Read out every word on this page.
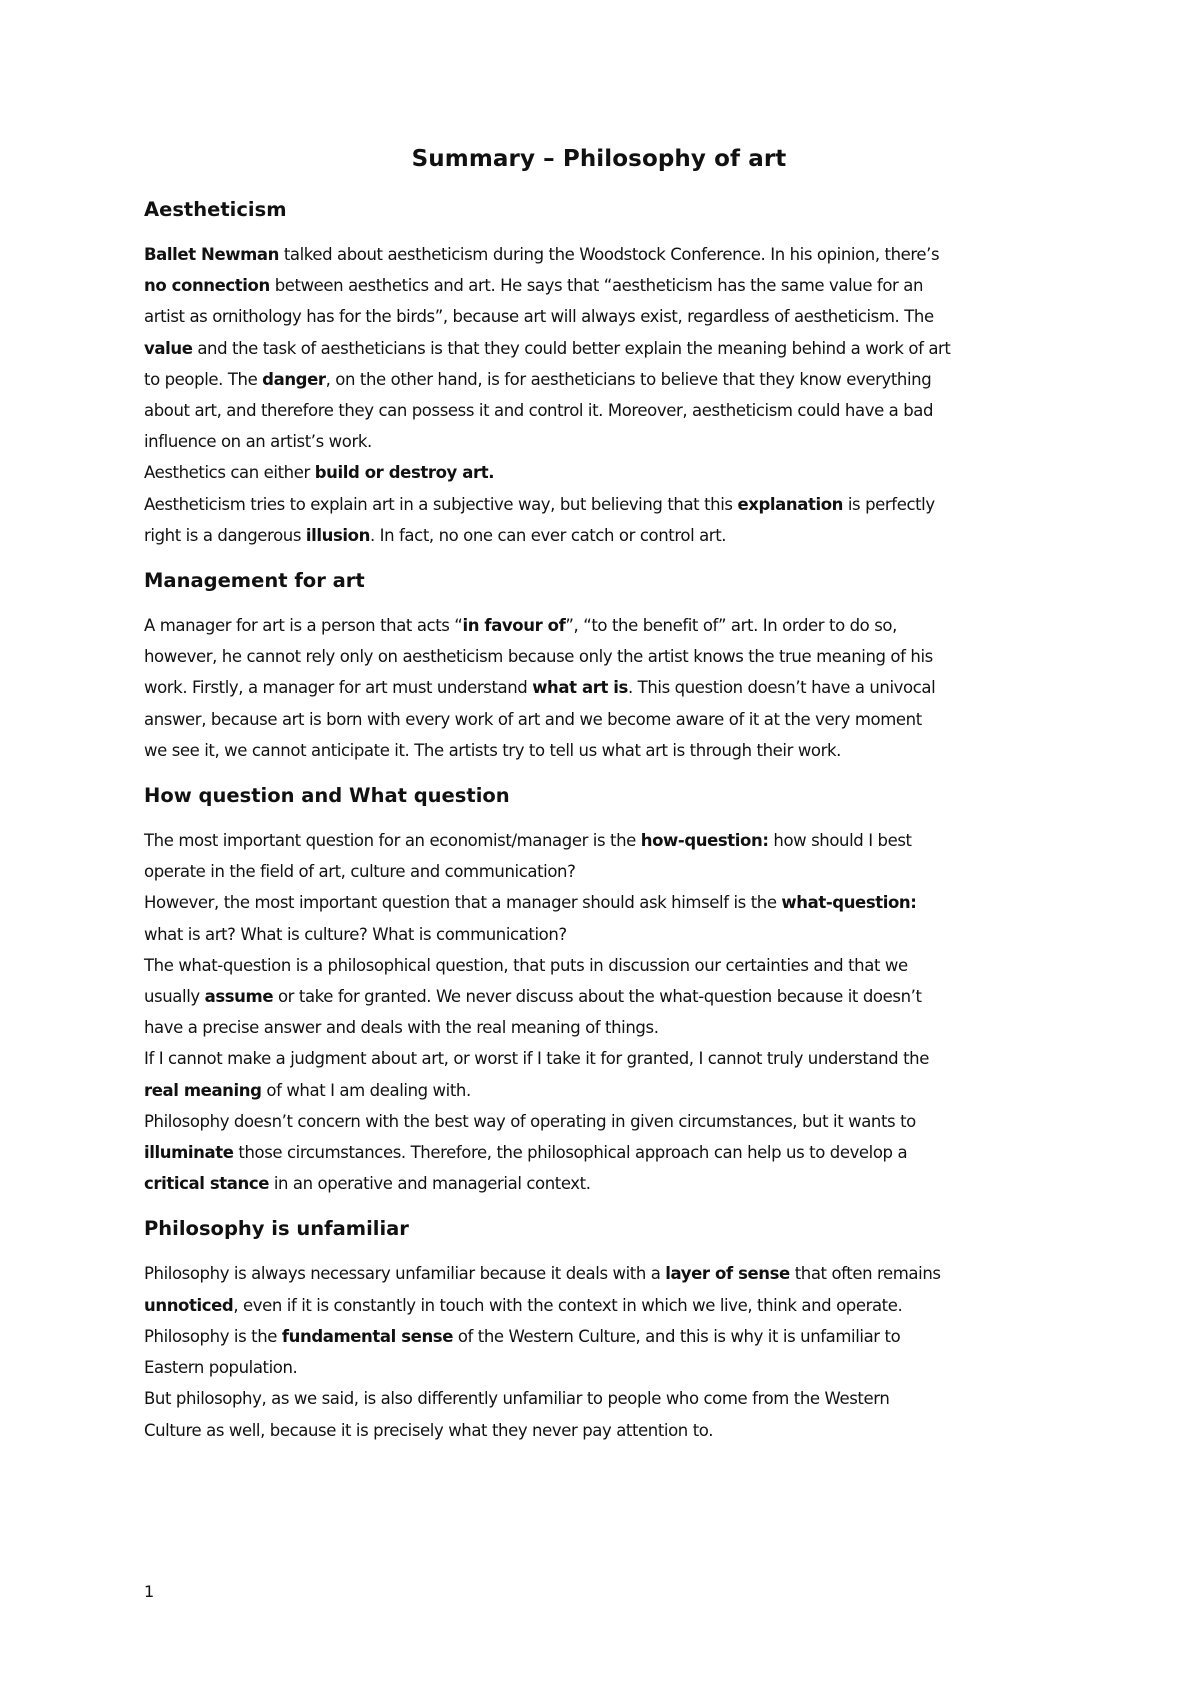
Summary – Philosophy of art
Aestheticism

Ballet Newman talked about aestheticism during the Woodstock Conference. In his opinion, there’s
no connection between aesthetics and art. He says that “aestheticism has the same value for an
artist as ornithology has for the birds”, because art will always exist, regardless of aestheticism. The
value and the task of aestheticians is that they could better explain the meaning behind a work of art
to people. The danger, on the other hand, is for aestheticians to believe that they know everything
about art, and therefore they can possess it and control it. Moreover, aestheticism could have a bad
influence on an artist’s work.
Aesthetics can either build or destroy art.
Aestheticism tries to explain art in a subjective way, but believing that this explanation is perfectly
right is a dangerous illusion. In fact, no one can ever catch or control art.

Management for art

A manager for art is a person that acts “in favour of”, “to the benefit of” art. In order to do so,
however, he cannot rely only on aestheticism because only the artist knows the true meaning of his
work. Firstly, a manager for art must understand what art is. This question doesn’t have a univocal
answer, because art is born with every work of art and we become aware of it at the very moment
we see it, we cannot anticipate it. The artists try to tell us what art is through their work.

How question and What question

The most important question for an economist/manager is the how-question: how should I best
operate in the field of art, culture and communication?
However, the most important question that a manager should ask himself is the what-question:
what is art? What is culture? What is communication?
The what-question is a philosophical question, that puts in discussion our certainties and that we
usually assume or take for granted. We never discuss about the what-question because it doesn’t
have a precise answer and deals with the real meaning of things.
If I cannot make a judgment about art, or worst if I take it for granted, I cannot truly understand the
real meaning of what I am dealing with.
Philosophy doesn’t concern with the best way of operating in given circumstances, but it wants to
illuminate those circumstances. Therefore, the philosophical approach can help us to develop a
critical stance in an operative and managerial context.

Philosophy is unfamiliar

Philosophy is always necessary unfamiliar because it deals with a layer of sense that often remains
unnoticed, even if it is constantly in touch with the context in which we live, think and operate.
Philosophy is the fundamental sense of the Western Culture, and this is why it is unfamiliar to
Eastern population.
But philosophy, as we said, is also differently unfamiliar to people who come from the Western
Culture as well, because it is precisely what they never pay attention to.

1
